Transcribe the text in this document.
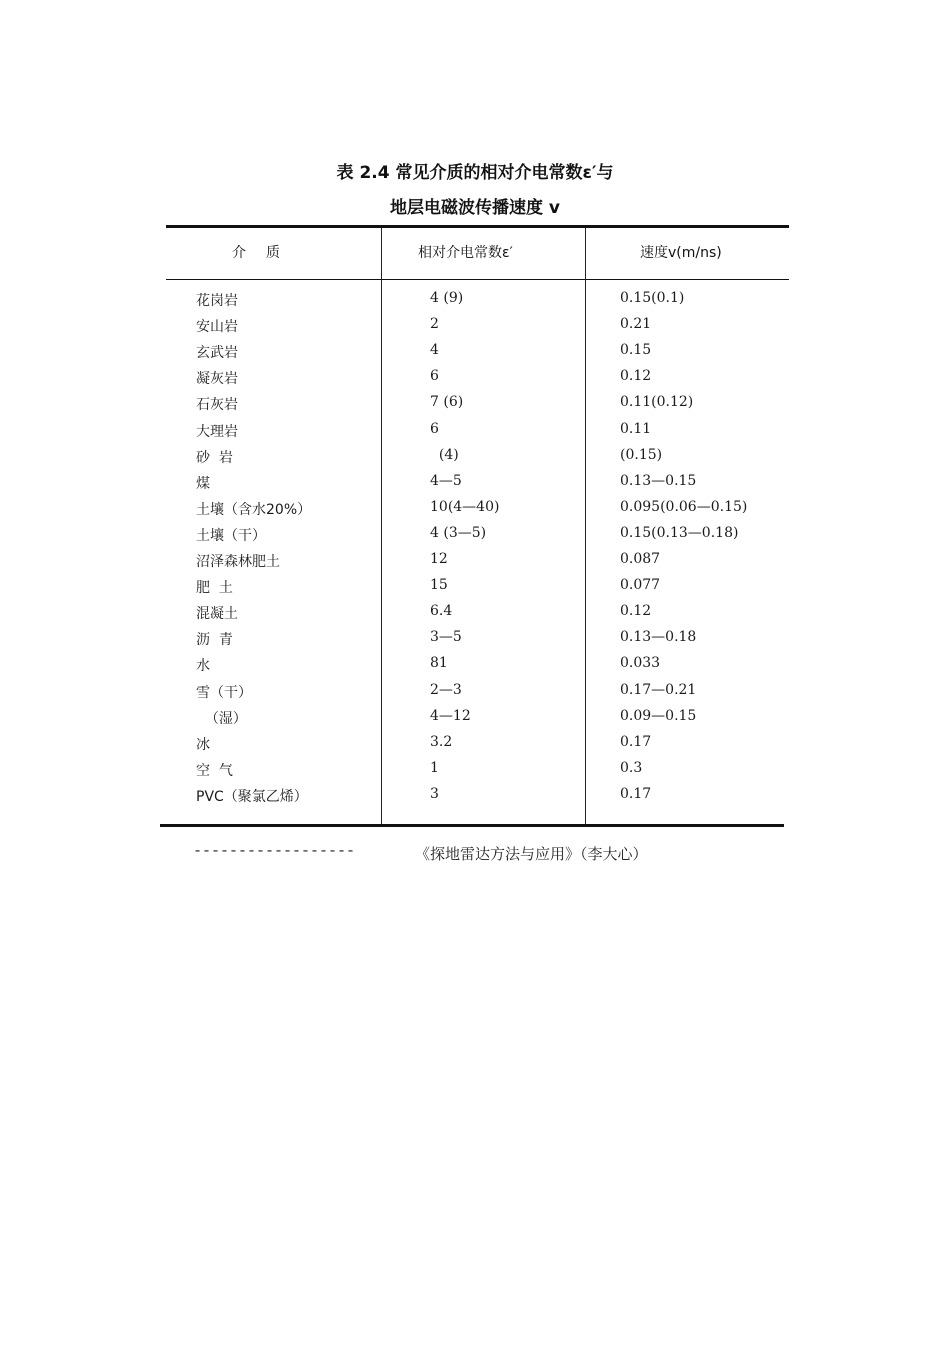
表 2.4 常见介质的相对介电常数ε′与
地层电磁波传播速度 v
介质	相对介电常数ε′	速度v(m/ns)
花岗岩	4 (9)	0.15(0.1)
安山岩	2	0.21
玄武岩	4	0.15
凝灰岩	6	0.12
石灰岩	7 (6)	0.11(0.12)
大理岩	6	0.11
砂  岩	(4)	(0.15)
煤	4—5	0.13—0.15
土壤（含水20%）	10(4—40)	0.095(0.06—0.15)
土壤（干）	4 (3—5)	0.15(0.13—0.18)
沼泽森林肥土	12	0.087
肥  土	15	0.077
混凝土	6.4	0.12
沥  青	3—5	0.13—0.18
水	81	0.033
雪（干）	2—3	0.17—0.21
（湿）	4—12	0.09—0.15
冰	3.2	0.17
空  气	1	0.3
PVC（聚氯乙烯）	3	0.17
------------------	《探地雷达方法与应用》（李大心）
